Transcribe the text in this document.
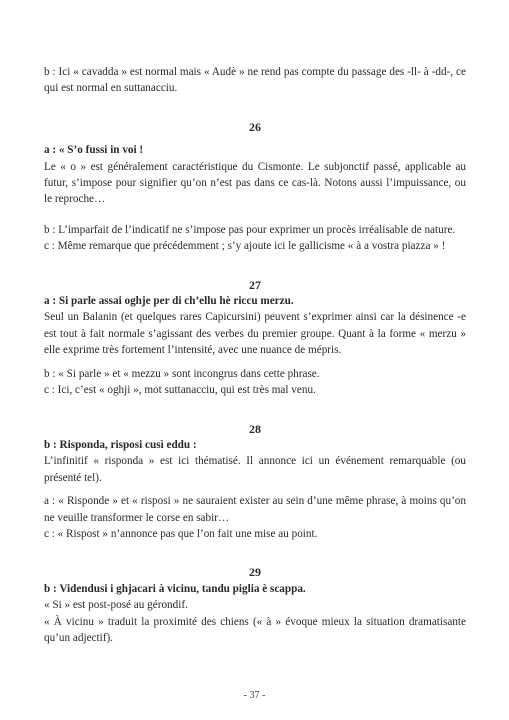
b : Ici « cavadda » est normal mais « Audè » ne rend pas compte du passage des -ll- à -dd-, ce qui est normal en suttanacciu.

26

a : « S’o fussi in voi !

Le « o » est généralement caractéristique du Cismonte. Le subjonctif passé, applicable au futur, s’impose pour signifier qu’on n’est pas dans ce cas-là. Notons aussi l’impuissance, ou le reproche…

b : L’imparfait de l’indicatif ne s’impose pas pour exprimer un procès irréalisable de nature.

c : Même remarque que précédemment ; s’y ajoute ici le gallicisme « à a vostra piazza » !

27

a : Si parle assai oghje per di ch’ellu hè riccu merzu.

Seul un Balanin (et quelques rares Capicursini) peuvent s’exprimer ainsi car la désinence -e est tout à fait normale s’agissant des verbes du premier groupe. Quant à la forme « merzu » elle exprime très fortement l’intensité, avec une nuance de mépris.

b : « Si parle » et « mezzu » sont incongrus dans cette phrase.

c : Ici, c’est « oghji », mot suttanacciu, qui est très mal venu.

28

b : Risponda, risposi cusì eddu :

L’infinitif « risponda » est ici thématisé. Il annonce ici un événement remarquable (ou présenté tel).

a : « Risponde » et « risposi » ne sauraient exister au sein d’une même phrase, à moins qu’on ne veuille transformer le corse en sabir…

c : « Rispost » n’annonce pas que l’on fait une mise au point.

29

b : Videndusi i ghjacari à vicinu, tandu piglia è scappa.

« Si » est post-posé au gérondif.

« À vicinu » traduit la proximité des chiens (« à » évoque mieux la situation dramatisante qu’un adjectif).

- 37 -
